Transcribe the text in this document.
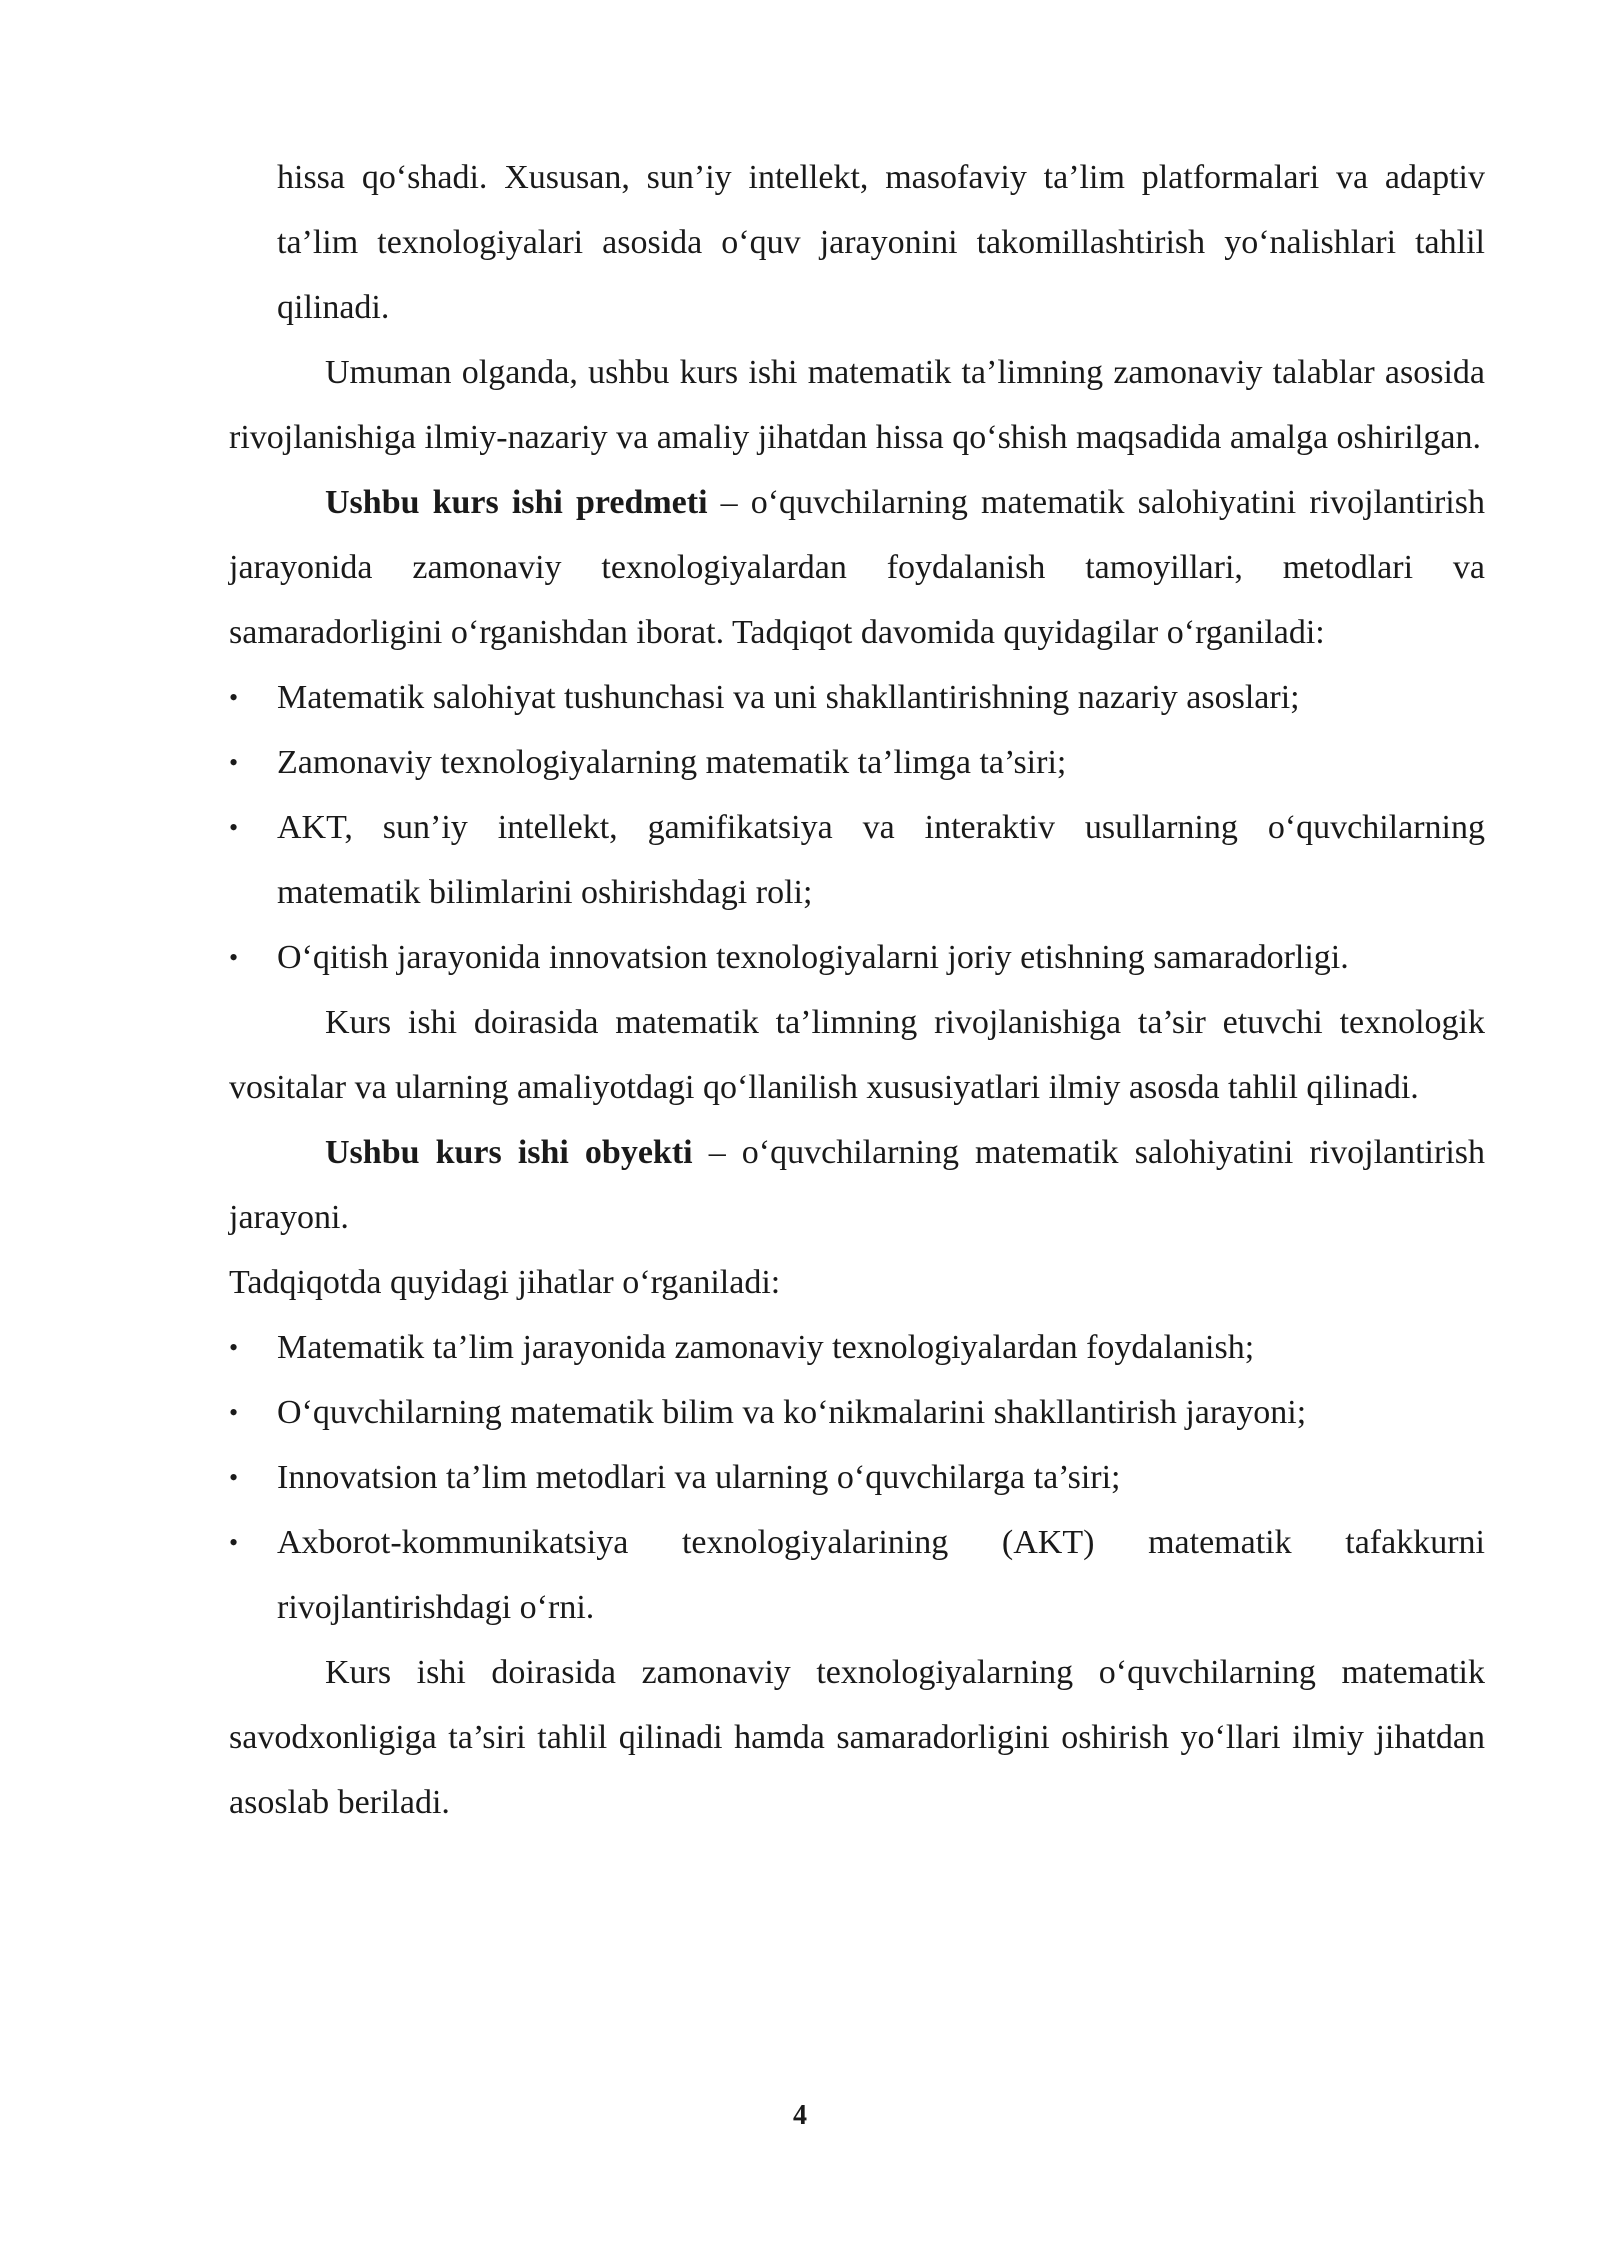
hissa qo‘shadi. Xususan, sun’iy intellekt, masofaviy ta’lim platformalari va adaptiv ta’lim texnologiyalari asosida o‘quv jarayonini takomillashtirish yo‘nalishlari tahlil qilinadi.

Umuman olganda, ushbu kurs ishi matematik ta’limning zamonaviy talablar asosida rivojlanishiga ilmiy-nazariy va amaliy jihatdan hissa qo‘shish maqsadida amalga oshirilgan.

Ushbu kurs ishi predmeti – o‘quvchilarning matematik salohiyatini rivojlantirish jarayonida zamonaviy texnologiyalardan foydalanish tamoyillari, metodlari va samaradorligini o‘rganishdan iborat. Tadqiqot davomida quyidagilar o‘rganiladi:

•	Matematik salohiyat tushunchasi va uni shakllantirishning nazariy asoslari;
•	Zamonaviy texnologiyalarning matematik ta’limga ta’siri;
•	AKT, sun’iy intellekt, gamifikatsiya va interaktiv usullarning o‘quvchilarning matematik bilimlarini oshirishdagi roli;
•	O‘qitish jarayonida innovatsion texnologiyalarni joriy etishning samaradorligi.

Kurs ishi doirasida matematik ta’limning rivojlanishiga ta’sir etuvchi texnologik vositalar va ularning amaliyotdagi qo‘llanilish xususiyatlari ilmiy asosda tahlil qilinadi.

Ushbu kurs ishi obyekti – o‘quvchilarning matematik salohiyatini rivojlantirish jarayoni.

Tadqiqotda quyidagi jihatlar o‘rganiladi:

•	Matematik ta’lim jarayonida zamonaviy texnologiyalardan foydalanish;
•	O‘quvchilarning matematik bilim va ko‘nikmalarini shakllantirish jarayoni;
•	Innovatsion ta’lim metodlari va ularning o‘quvchilarga ta’siri;
•	Axborot-kommunikatsiya texnologiyalarining (AKT) matematik tafakkurni rivojlantirishdagi o‘rni.

Kurs ishi doirasida zamonaviy texnologiyalarning o‘quvchilarning matematik savodxonligiga ta’siri tahlil qilinadi hamda samaradorligini oshirish yo‘llari ilmiy jihatdan asoslab beriladi.

4
